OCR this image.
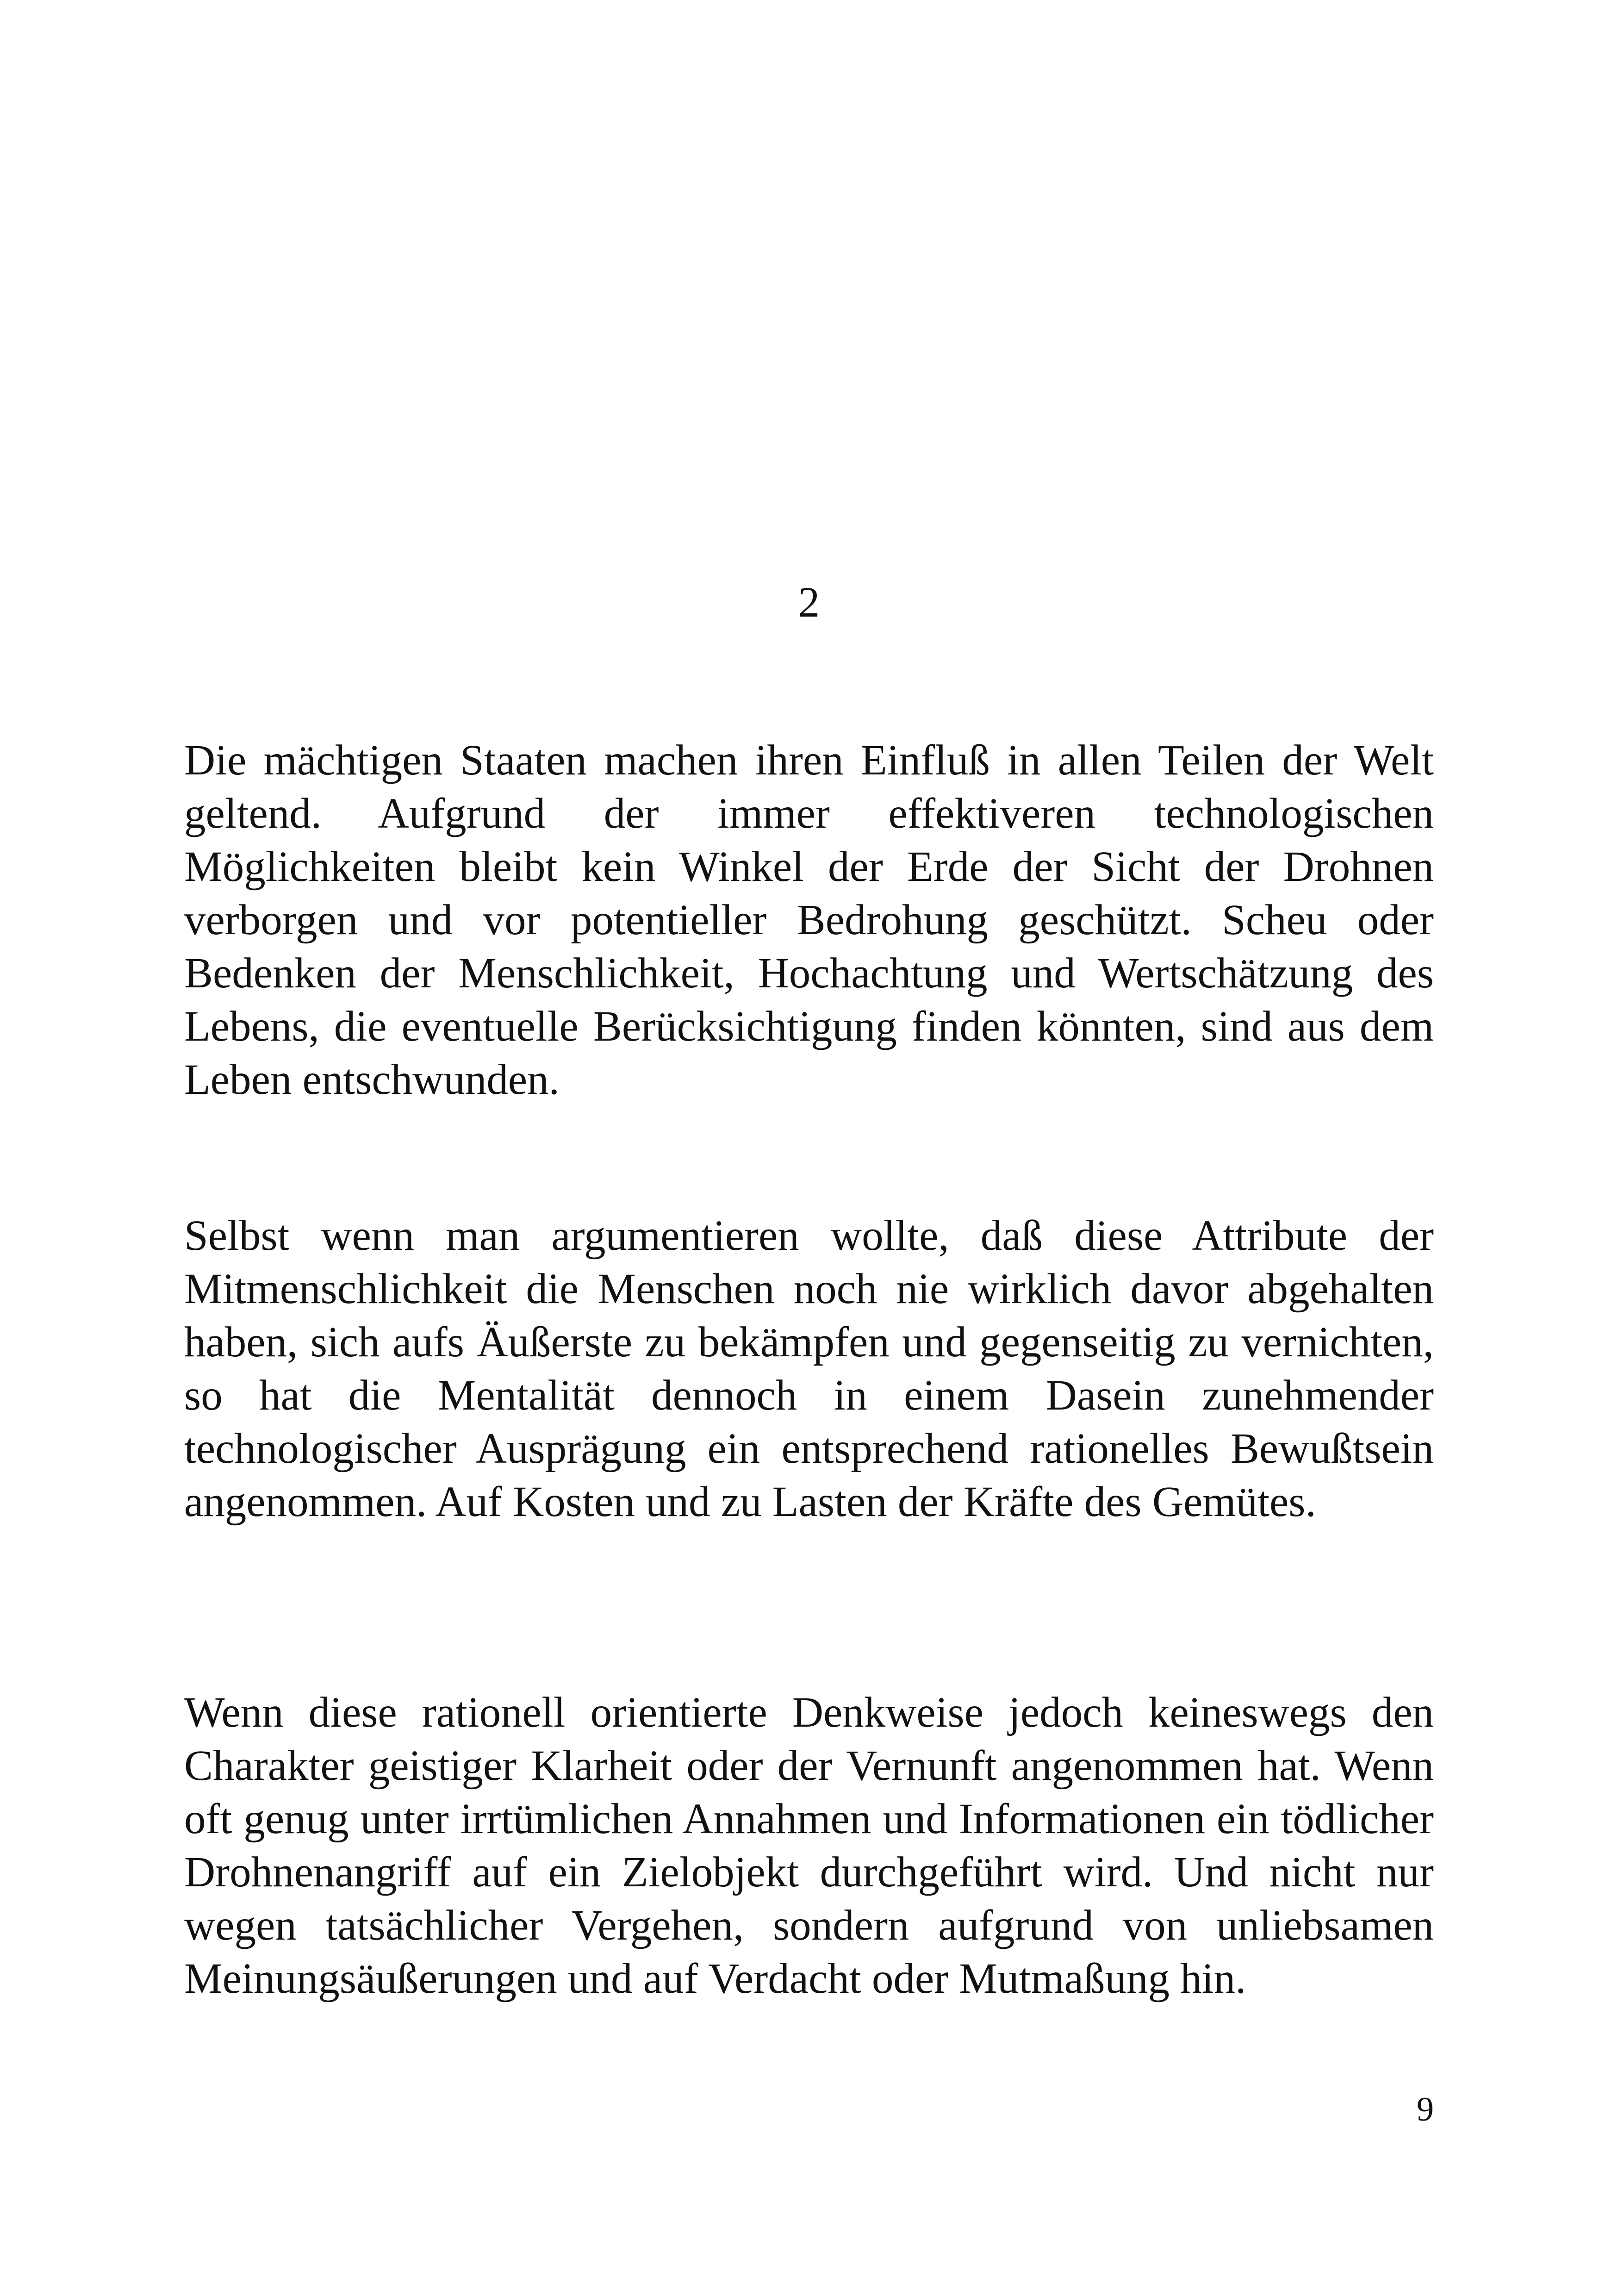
2

Die mächtigen Staaten machen ihren Einfluß in allen Teilen der Welt geltend. Aufgrund der immer effektiveren technologischen Möglichkeiten bleibt kein Winkel der Erde der Sicht der Drohnen verborgen und vor potentieller Bedrohung geschützt. Scheu oder Bedenken der Menschlichkeit, Hochachtung und Wertschätzung des Lebens, die eventuelle Berücksichtigung finden könnten, sind aus dem Leben entschwunden.

Selbst wenn man argumentieren wollte, daß diese Attribute der Mitmenschlichkeit die Menschen noch nie wirklich davor abgehalten haben, sich aufs Äußerste zu bekämpfen und gegenseitig zu vernichten, so hat die Mentalität dennoch in einem Dasein zunehmender technologischer Ausprägung ein entsprechend rationelles Bewußtsein angenommen. Auf Kosten und zu Lasten der Kräfte des Gemütes.

Wenn diese rationell orientierte Denkweise jedoch keineswegs den Charakter geistiger Klarheit oder der Vernunft angenommen hat. Wenn oft genug unter irrtümlichen Annahmen und Informationen ein tödlicher Drohnenangriff auf ein Zielobjekt durchgeführt wird. Und nicht nur wegen tatsächlicher Vergehen, sondern aufgrund von unliebsamen Meinungsäußerungen und auf Verdacht oder Mutmaßung hin.

9
